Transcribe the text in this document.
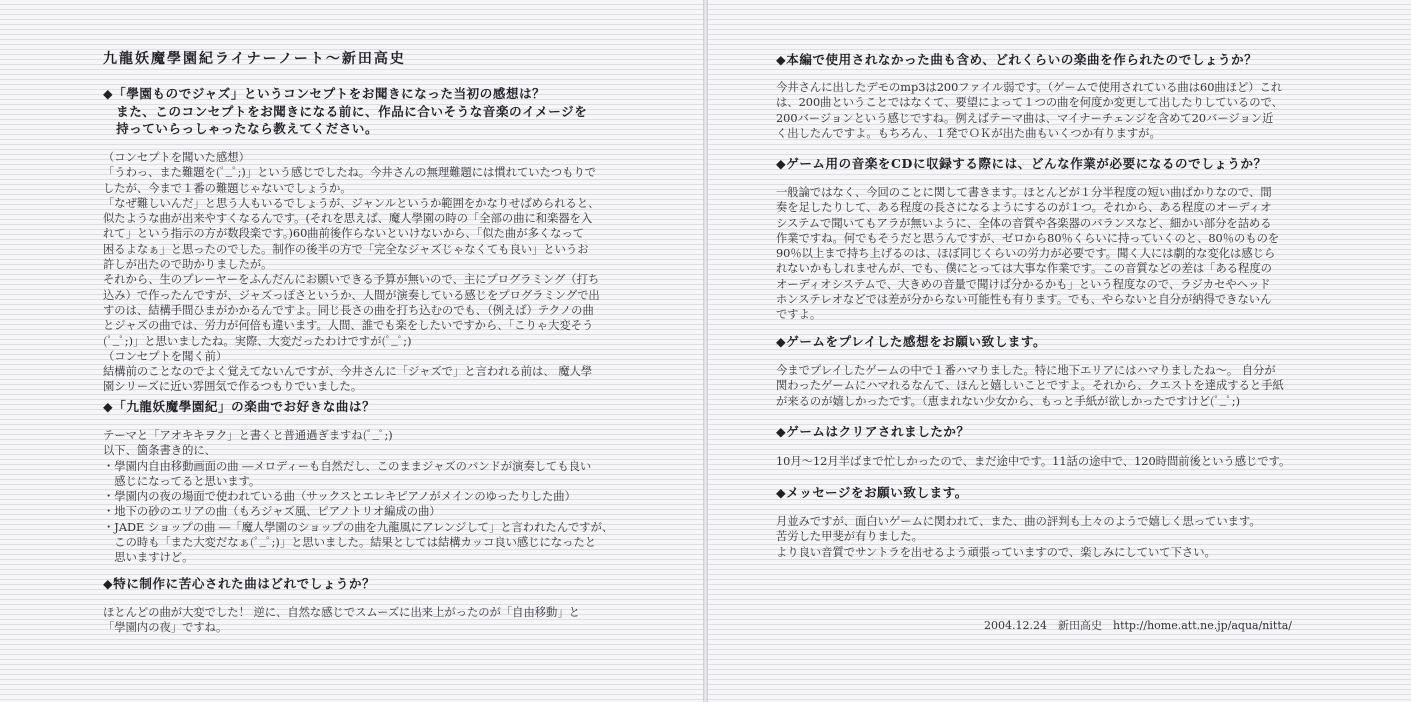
九龍妖魔學園紀ライナーノート～新田高史
◆「學園ものでジャズ」というコンセプトをお聞きになった当初の感想は？
　また、このコンセプトをお聞きになる前に、作品に合いそうな音楽のイメージを
　持っていらっしゃったなら教えてください。
（コンセプトを聞いた感想）
「うわっ、また難題を(ﾟ_ﾟ;)」という感じでしたね。今井さんの無理難題には慣れていたつもりで
したが、今まで１番の難題じゃないでしょうか。
「なぜ難しいんだ」と思う人もいるでしょうが、ジャンルというか範囲をかなりせばめられると、
似たような曲が出来やすくなるんです。(それを思えば、魔人學園の時の「全部の曲に和楽器を入
れて」という指示の方が数段楽です。)60曲前後作らないといけないから、「似た曲が多くなって
困るよなぁ」と思ったのでした。制作の後半の方で「完全なジャズじゃなくても良い」というお
許しが出たので助かりましたが。
それから、生のプレーヤーをふんだんにお願いできる予算が無いので、主にプログラミング（打ち
込み）で作ったんですが、ジャズっぽさというか、人間が演奏している感じをプログラミングで出
すのは、結構手間ひまがかかるんですよ。同じ長さの曲を打ち込むのでも、（例えば）テクノの曲
とジャズの曲では、労力が何倍も違います。人間、誰でも楽をしたいですから、「こりゃ大変そう
(ﾟ_ﾟ;)」と思いましたね。実際、大変だったわけですが(ﾟ_ﾟ;)
（コンセプトを聞く前）
結構前のことなのでよく覚えてないんですが、今井さんに「ジャズで」と言われる前は、 魔人學
園シリーズに近い雰囲気で作るつもりでいました。
◆「九龍妖魔學園紀」の楽曲でお好きな曲は？
テーマと「アオキキヲク」と書くと普通過ぎますね(ﾟ_ﾟ;)
以下、箇条書き的に、
・學園内自由移動画面の曲 ―メロディーも自然だし、このままジャズのバンドが演奏しても良い
　感じになってると思います。
・學園内の夜の場面で使われている曲（サックスとエレキピアノがメインのゆったりした曲）
・地下の砂のエリアの曲（もろジャズ風、ピアノトリオ編成の曲）
・JADE ショップの曲 ―「魔人學園のショップの曲を九龍風にアレンジして」と言われたんですが、
　この時も「また大変だなぁ(ﾟ_ﾟ;)」と思いました。結果としては結構カッコ良い感じになったと
　思いますけど。
◆特に制作に苦心された曲はどれでしょうか？
ほとんどの曲が大変でした！ 逆に、自然な感じでスムーズに出来上がったのが「自由移動」と
「學園内の夜」ですね。
◆本編で使用されなかった曲も含め、どれくらいの楽曲を作られたのでしょうか？
今井さんに出したデモのmp3は200ファイル弱です。（ゲームで使用されている曲は60曲ほど）これ
は、200曲ということではなくて、要望によって１つの曲を何度か変更して出したりしているので、
200バージョンという感じですね。例えばテーマ曲は、マイナーチェンジを含めて20バージョン近
く出したんですよ。もちろん、１発でＯＫが出た曲もいくつか有りますが。
◆ゲーム用の音楽をCDに収録する際には、どんな作業が必要になるのでしょうか？
一般論ではなく、今回のことに関して書きます。ほとんどが１分半程度の短い曲ばかりなので、間
奏を足したりして、ある程度の長さになるようにするのが１つ。それから、ある程度のオーディオ
システムで聞いてもアラが無いように、全体の音質や各楽器のバランスなど、細かい部分を詰める
作業ですね。何でもそうだと思うんですが、ゼロから80％くらいに持っていくのと、80％のものを
90％以上まで持ち上げるのは、ほぼ同じくらいの労力が必要です。聞く人には劇的な変化は感じら
れないかもしれませんが、でも、僕にとっては大事な作業です。この音質などの差は「ある程度の
オーディオシステムで、大きめの音量で聞けば分かるかも」という程度なので、ラジカセやヘッド
ホンステレオなどでは差が分からない可能性も有ります。でも、やらないと自分が納得できないん
ですよ。
◆ゲームをプレイした感想をお願い致します。
今までプレイしたゲームの中で１番ハマりました。特に地下エリアにはハマりましたね～。 自分が
関わったゲームにハマれるなんて、ほんと嬉しいことですよ。それから、クエストを達成すると手紙
が来るのが嬉しかったです。（恵まれない少女から、もっと手紙が欲しかったですけど(ﾟ_ﾟ;)
◆ゲームはクリアされましたか？
10月～12月半ばまで忙しかったので、まだ途中です。11話の途中で、120時間前後という感じです。
◆メッセージをお願い致します。
月並みですが、面白いゲームに関われて、また、曲の評判も上々のようで嬉しく思っています。
苦労した甲斐が有りました。
より良い音質でサントラを出せるよう頑張っていますので、楽しみにしていて下さい。
2004.12.24　新田高史　http://home.att.ne.jp/aqua/nitta/
